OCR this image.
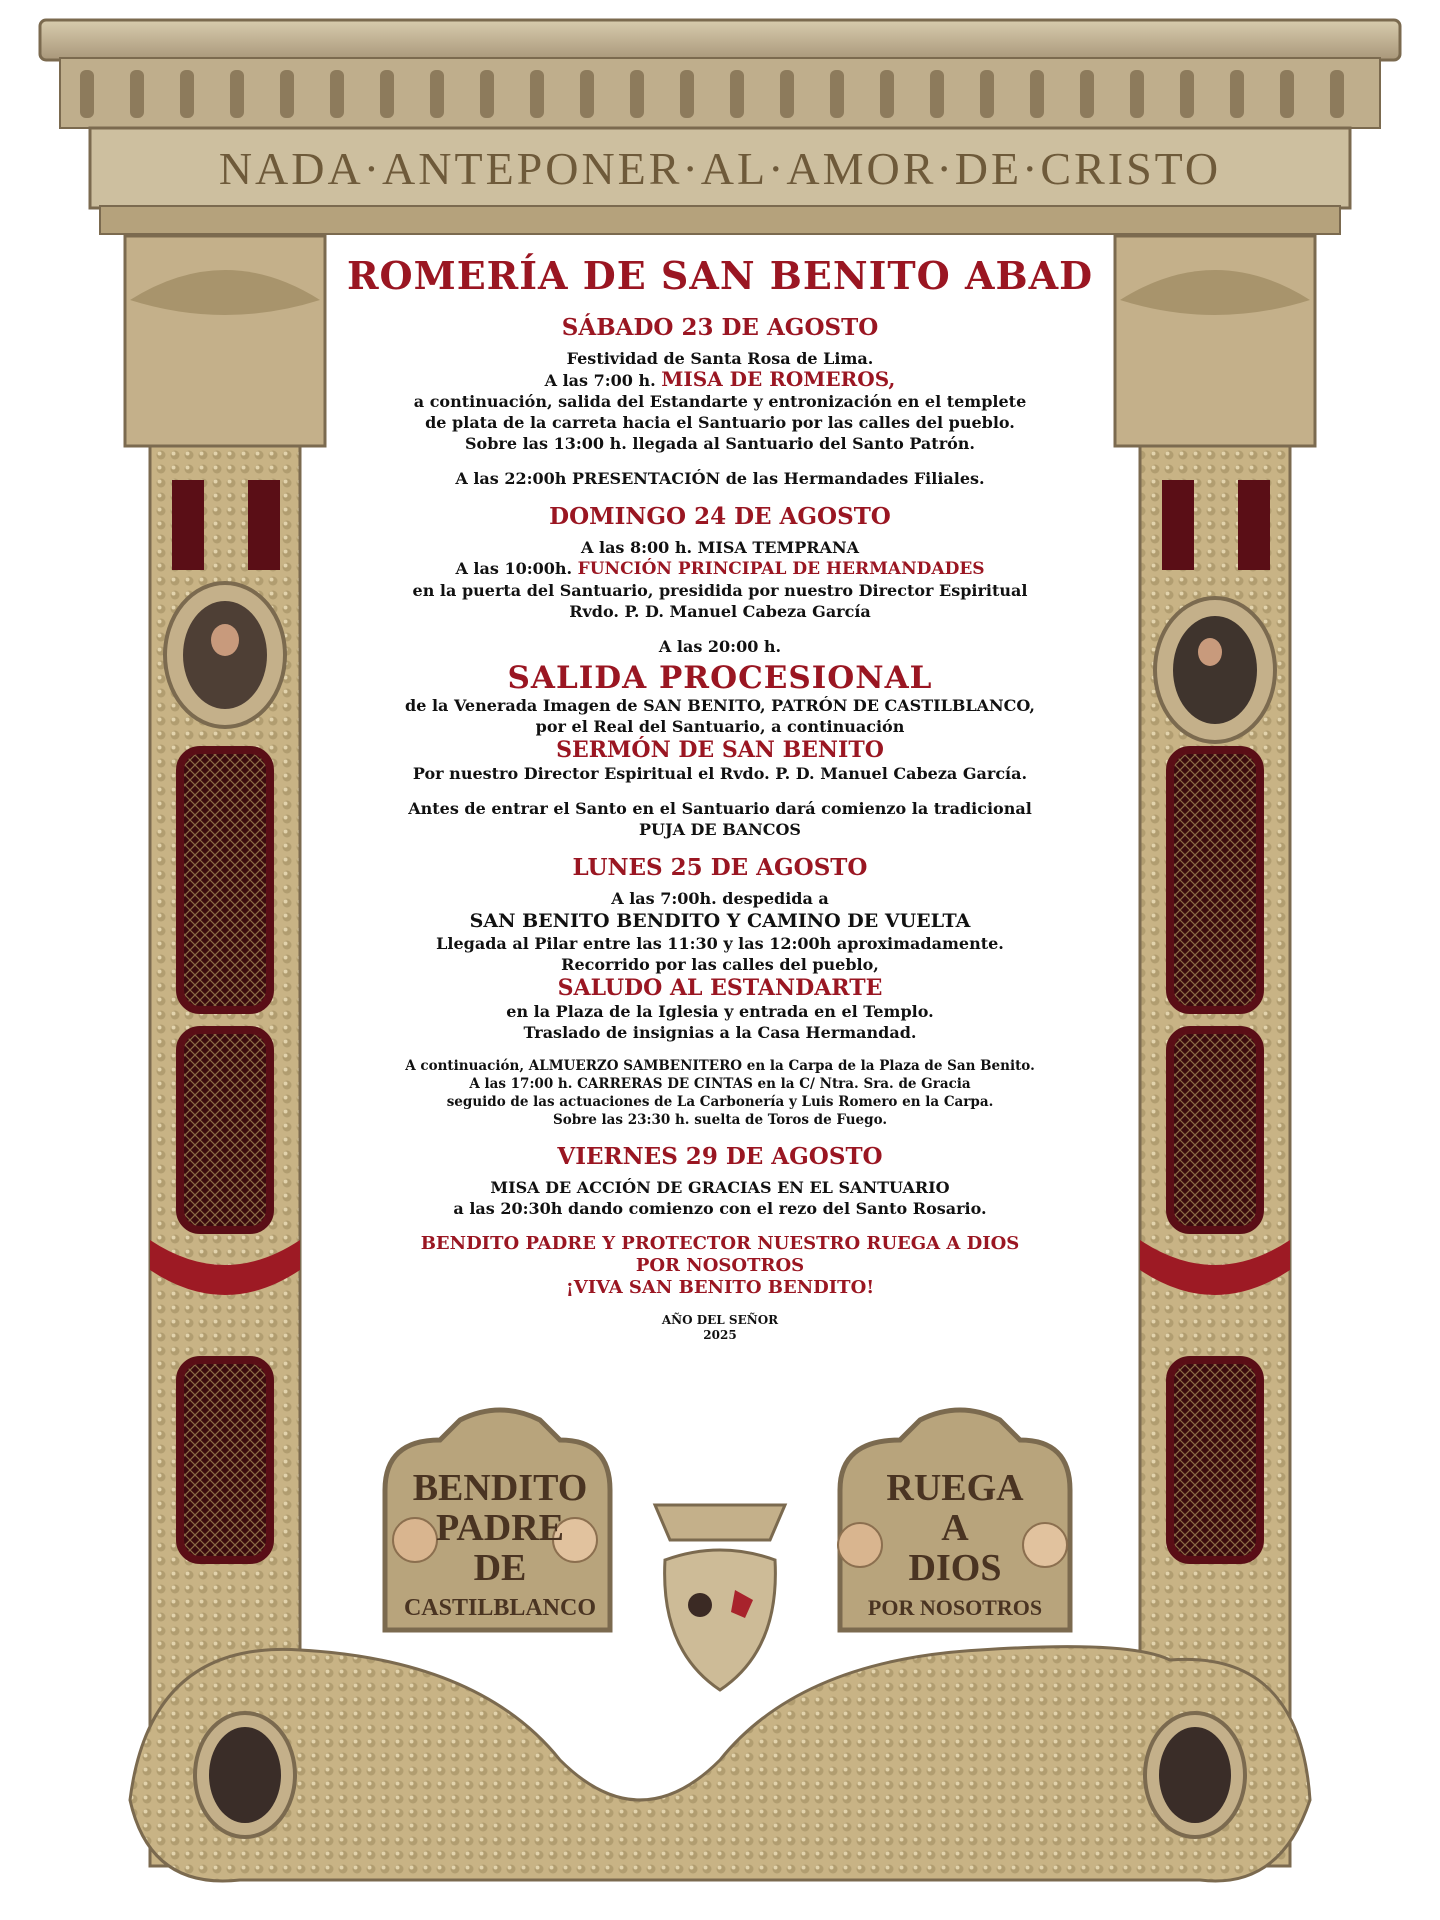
NADA·ANTEPONER·AL·AMOR·DE·CRISTO
BENDITO
PADRE
DE
CASTILBLANCO
RUEGA
A
DIOS
POR NOSOTROS
ROMERÍA DE SAN BENITO ABAD
SÁBADO 23 DE AGOSTO

Festividad de Santa Rosa de Lima.

A las 7:00 h. MISA DE ROMEROS,

a continuación, salida del Estandarte y entronización en el templete

de plata de la carreta hacia el Santuario por las calles del pueblo.

Sobre las 13:00 h. llegada al Santuario del Santo Patrón.

A las 22:00h PRESENTACIÓN de las Hermandades Filiales.

DOMINGO 24 DE AGOSTO

A las 8:00 h. MISA TEMPRANA

A las 10:00h. FUNCIÓN PRINCIPAL DE HERMANDADES

en la puerta del Santuario, presidida por nuestro Director Espiritual

Rvdo. P. D. Manuel Cabeza García

A las 20:00 h.

SALIDA PROCESIONAL

de la Venerada Imagen de SAN BENITO, PATRÓN DE CASTILBLANCO,

por el Real del Santuario, a continuación

SERMÓN DE SAN BENITO

Por nuestro Director Espiritual el Rvdo. P. D. Manuel Cabeza García.

Antes de entrar el Santo en el Santuario dará comienzo la tradicional

PUJA DE BANCOS

LUNES 25 DE AGOSTO

A las 7:00h. despedida a

SAN BENITO BENDITO Y CAMINO DE VUELTA

Llegada al Pilar entre las 11:30 y las 12:00h aproximadamente.

Recorrido por las calles del pueblo,

SALUDO AL ESTANDARTE

en la Plaza de la Iglesia y entrada en el Templo.

Traslado de insignias a la Casa Hermandad.

A continuación, ALMUERZO SAMBENITERO en la Carpa de la Plaza de San Benito.

A las 17:00 h. CARRERAS DE CINTAS en la C/ Ntra. Sra. de Gracia

seguido de las actuaciones de La Carbonería y Luis Romero en la Carpa.

Sobre las 23:30 h. suelta de Toros de Fuego.

VIERNES 29 DE AGOSTO

MISA DE ACCIÓN DE GRACIAS EN EL SANTUARIO

a las 20:30h dando comienzo con el rezo del Santo Rosario.

BENDITO PADRE Y PROTECTOR NUESTRO RUEGA A DIOS

POR NOSOTROS

¡VIVA SAN BENITO BENDITO!

AÑO DEL SEÑOR

2025
